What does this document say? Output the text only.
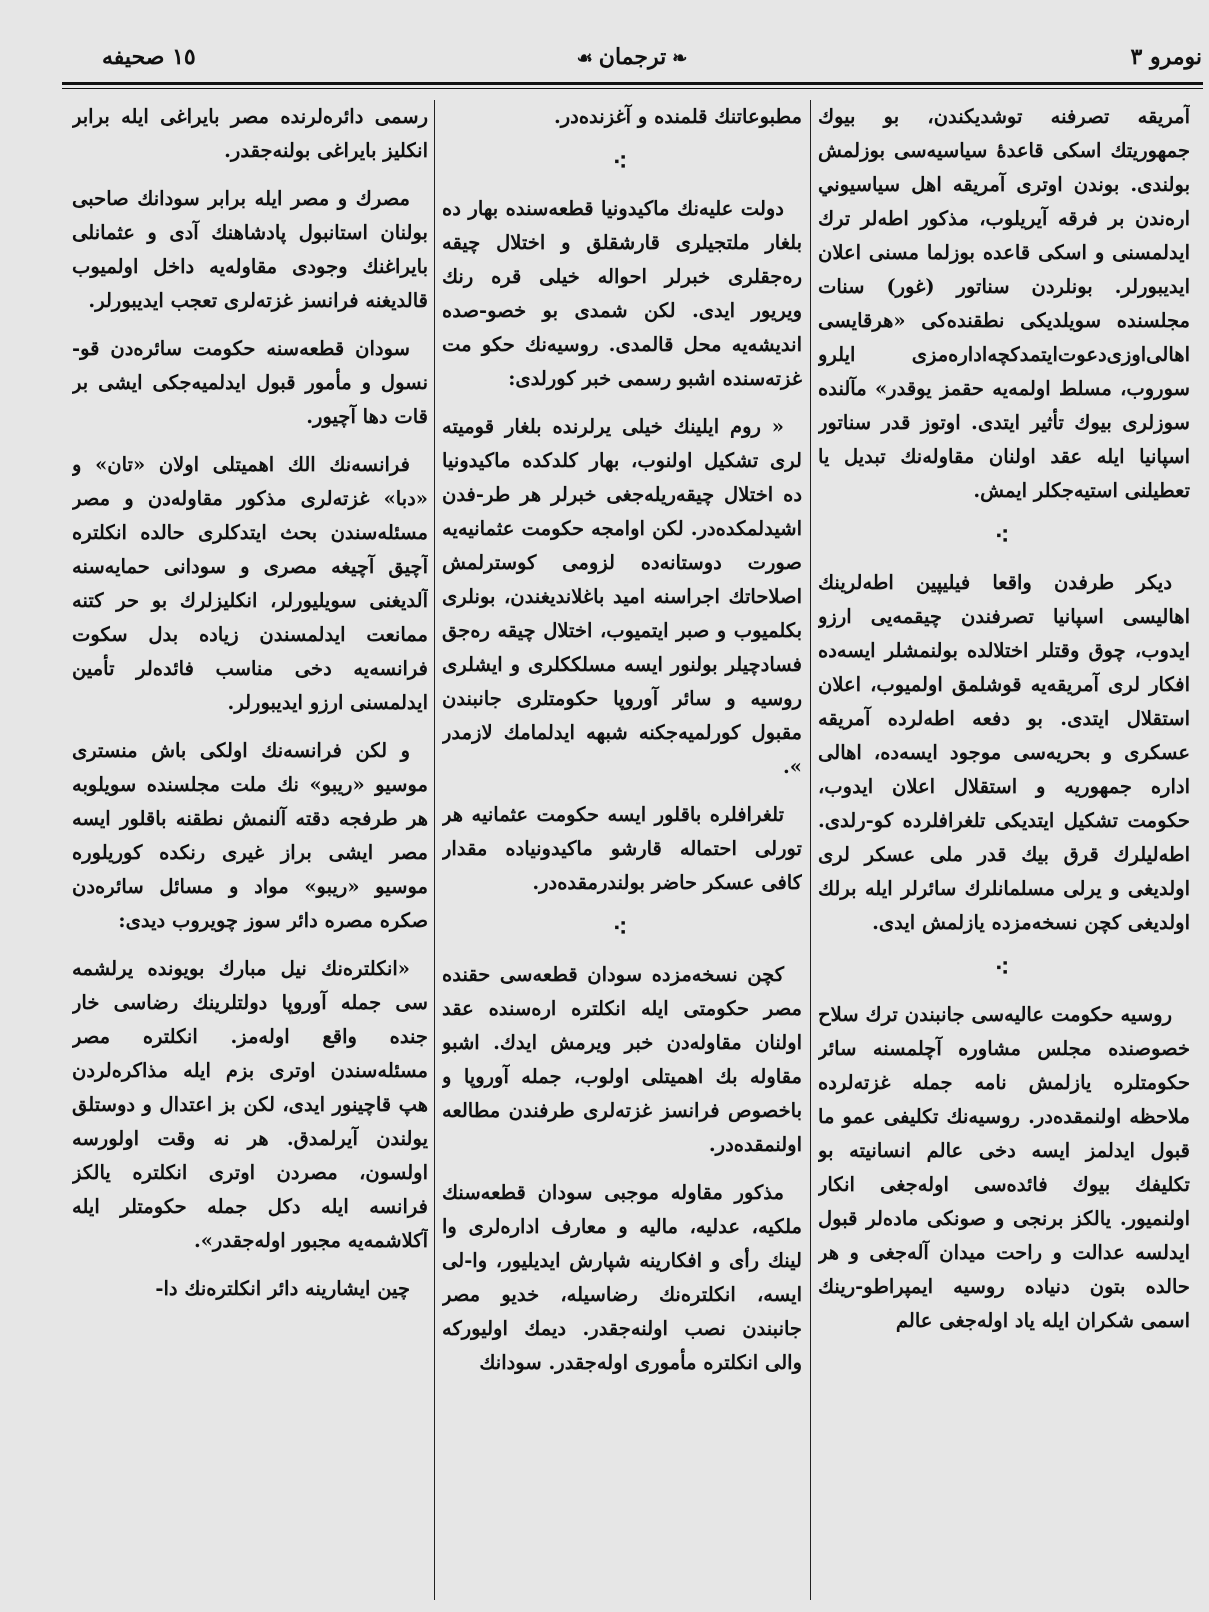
نومرو ٣
❧ترجمان☙
١٥ صحيفه

آمريقه تصرفنه توشديكندن، بو بيوك جمهوريتك اسكى قاعدهٔ سياسيه‌سى بوزلمش بولندى. بوندن اوترى آمريقه اهل سياسيو‌ني اره‌ندن بر فرقه آيريلوب، مذكور اطه‌لر ترك ايدلمسنى و اسكى قاعده بوزلما مسنى اعلان ايديبورلر. بونلردن سناتور (غور) سنات مجلسنده سويلديكى نطقنده‌كى «هرقايسى اهالى‌اوزى‌دعوت‌ايتمدكچه‌اداره‌مزى ايلرو سوروب، مسلط اولمه‌يه حقمز يوقدر» مآلنده سوزلرى بيوك تأثير ايتدى. اوتوز قدر سناتور اسپانيا ايله عقد اولنان مقاوله‌نك تبديل يا تعطيلنى استيه‌جكلر ايمش.

⁖

ديكر طرفدن واقعا فيليپين اطه‌لرينك اهاليسى اسپانيا تصرفندن چيقمه‌يى ارزو ايدوب، چوق وقتلر اختلالده بولنمشلر ايسه‌ده افكار لرى آمريقه‌يه قوشلمق اولميوب، اعلان استقلال ايتدى. بو دفعه اطه‌لرده آمريقه عسكرى و بحريه‌سى موجود ايسه‌ده، اهالى اداره جمهوريه و استقلال اعلان ايدوب، حكومت تشكيل ايتديكى تلغرافلرده كو-رلدى. اطه‌ليلرك قرق بيك قدر ملى عسكر لرى اولديغى و يرلى مسلمانلرك سائرلر ايله برلك اولديغى كچن نسخه‌مزده يازلمش ايدى.

⁖

روسيه حكومت عاليه‌سى جانبندن ترك سلاح خصوصنده مجلس مشاوره آچلمسنه سائر حكومتلره يازلمش نامه جمله غزته‌لرده ملاحظه اولنمقده‌در. روسيه‌نك تكليفى عمو ما قبول ايدلمز ايسه دخى عالم انسانيته بو تكليفك بيوك فائده‌سى اوله‌جغى انكار اولنميور. يالكز برنجى و صونكى ماده‌لر قبول ايدلسه عدالت و راحت ميدان آله‌جغى و هر حالده بتون دنياده روسيه ايمپراطو-رينك اسمى شكران ايله ياد اوله‌جغى عالم

مطبوعاتنك قلمنده و آغزنده‌در.

⁖

دولت عليه‌نك ماكيدونيا قطعه‌سنده بهار ده بلغار ملتجيلرى قارشقلق و اختلال چيقه ره‌جقلرى خبرلر احواله خيلى قره رنك ويريور ايدى. لكن شمدى بو خصو-صده انديشه‌يه محل قالمدى. روسيه‌نك حكو مت غزته‌سنده اشبو رسمى خبر كورلدى:

« روم ايلينك خيلى يرلرنده بلغار قوميته لرى تشكيل اولنوب، بهار كلدكده ماكيدونيا ده اختلال چيقه‌ريله‌جغى خبرلر هر طر-فدن اشيدلمكده‌در. لكن اوامجه حكومت عثمانيه‌يه صورت دوستانه‌ده لزومى كوسترلمش اصلاحاتك اجراسنه اميد باغلانديغندن، بونلرى بكلميوب و صبر ايتميوب، اختلال چيقه ره‌جق فسادچيلر بولنور ايسه مسلككلرى و ايشلرى روسيه و سائر آوروپا حكومتلرى جانبندن مقبول كورلميه‌جكنه شبهه ايدلمامك لازمدر ».

تلغرافلره باقلور ايسه حكومت عثمانيه هر تورلى احتماله قارشو ماكيدونياده مقدار كافى عسكر حاضر بولندرمقده‌در.

⁖

كچن نسخه‌مزده سودان قطعه‌سى حقنده مصر حكومتى ايله انكلتره اره‌سنده عقد اولنان مقاوله‌دن خبر ويرمش ايدك. اشبو مقاوله بك اهميتلى اولوب، جمله آوروپا و باخصوص فرانسز غزته‌لرى طرفندن مطالعه اولنمقده‌در.

مذكور مقاوله موجبى سودان قطعه‌سنك ملكيه، عدليه، ماليه و معارف اداره‌لرى وا لينك رأى و افكارينه شپارش ايديليور، وا-لى ايسه، انكلتره‌نك رضاسيله، خديو مصر جانبندن نصب اولنه‌جقدر. ديمك اوليوركه والى انكلتره مأمورى اوله‌جقدر. سودانك

رسمى دائره‌لرنده مصر بايراغى ايله برابر انكليز بايراغى بولنه‌جقدر.

مصرك و مصر ايله برابر سودانك صاحبى بولنان استانبول پادشاهنك آدى و عثمانلى بايراغنك وجودى مقاوله‌يه داخل اولميوب قالديغنه فرانسز غزته‌لرى تعجب ايديبورلر.

سودان قطعه‌سنه حكومت سائره‌دن قو-نسول و مأمور قبول ايدلميه‌جكى ايشى بر قات دها آچيور.

فرانسه‌نك الك اهميتلى اولان «تان» و «دبا» غزته‌لرى مذكور مقاوله‌دن و مصر مسئله‌سندن بحث ايتدكلرى حالده انكلتره آچيق آچيغه مصرى و سودانى حمايه‌سنه آلديغنى سويليورلر، انكليزلرك بو حر كتنه ممانعت ايدلمسندن زياده بدل سكوت فرانسه‌يه دخى مناسب فائده‌لر تأمين ايدلمسنى ارزو ايديبورلر.

و لكن فرانسه‌نك اولكى باش منسترى موسيو «ريبو» نك ملت مجلسنده سويلوبه هر طرفجه دقته آلنمش نطقنه باقلور ايسه مصر ايشى براز غيرى رنكده كوريلوره موسيو «ريبو» مواد و مسائل سائره‌دن صكره مصره دائر سوز چويروب ديدى:

«انكلتره‌نك نيل مبارك بويونده يرلشمه سى جمله آوروپا دولتلرينك رضاسى خار جنده واقع اوله‌مز. انكلتره مصر مسئله‌سندن اوترى بزم ايله مذاكره‌لردن هپ قاچينور ايدى، لكن بز اعتدال و دوستلق يولندن آيرلمدق. هر نه وقت اولورسه اولسون، مصردن اوترى انكلتره يالكز فرانسه ايله دكل جمله حكومتلر ايله آكلاشمه‌يه مجبور اوله‌جقدر».

چين ايشارينه دائر انكلتره‌نك دا-
